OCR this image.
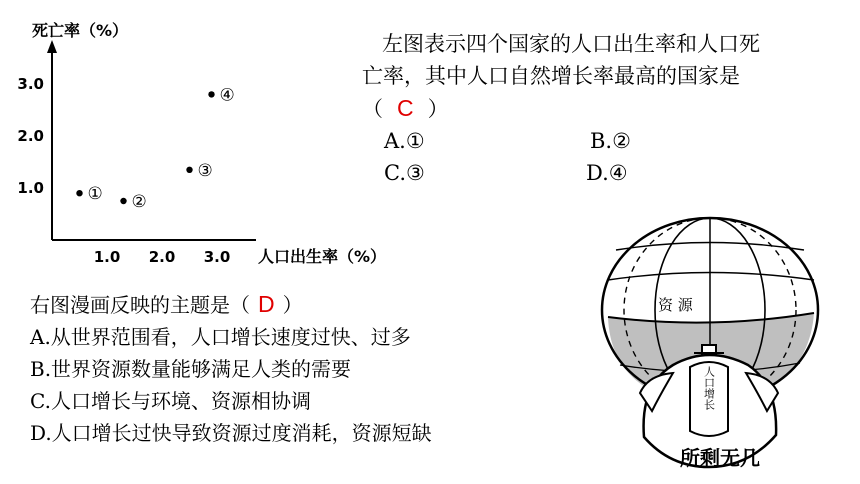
死亡率（%）
人口出生率（%）
1.0 2.0 3.0
1.0
2.0
3.0
① ②
③
④

左图表示四个国家的人口出生率和人口死

亡率，其中人口自然增长率最高的国家是

（ C ）

A.①	B.②
C.③	D.④
右图漫画反映的主题是（ D ）
A.从世界范围看，人口增长速度过快、过多
B.世界资源数量能够满足人类的需要
C.人口增长与环境、资源相协调
D.人口增长过快导致资源过度消耗，资源短缺
资 源
人口增长
所剩无几
